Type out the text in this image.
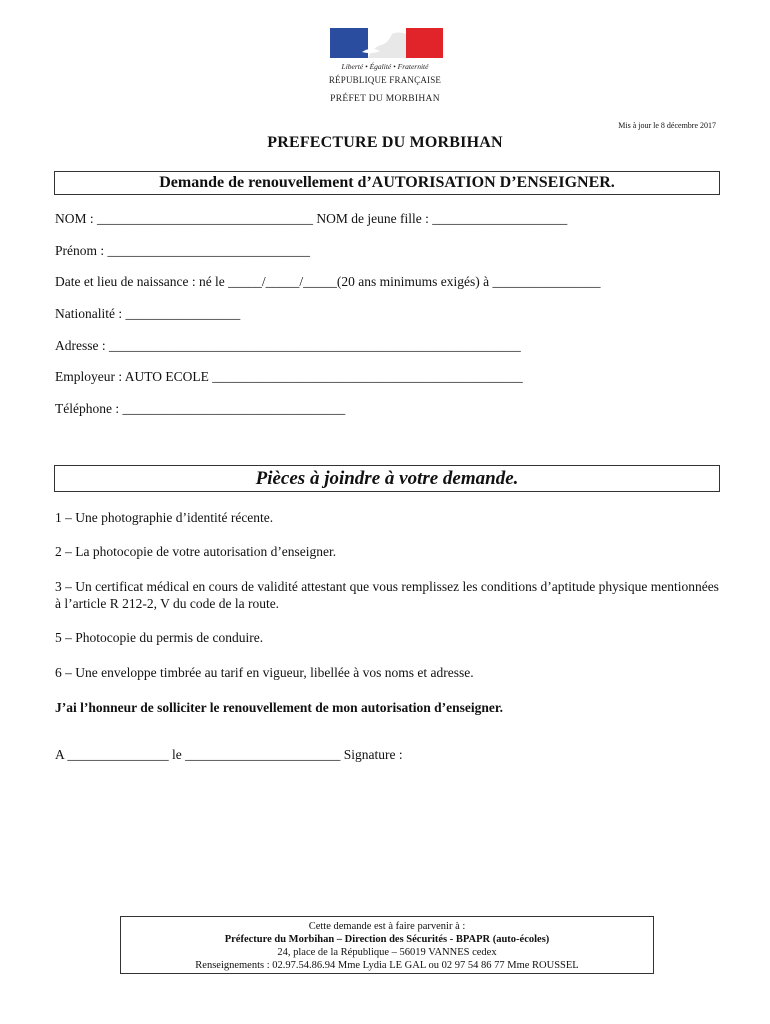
Liberté • Égalité • Fraternité
RÉPUBLIQUE FRANÇAISE
PRÉFET DU MORBIHAN
Mis à jour le 8 décembre 2017
PREFECTURE DU MORBIHAN
Demande de renouvellement d’AUTORISATION D’ENSEIGNER.
NOM : ________________________________ NOM de jeune fille : ____________________
Prénom : ______________________________
Date et lieu de naissance : né le _____/_____/_____(20 ans minimums exigés) à ________________
Nationalité : _________________
Adresse : _____________________________________________________________
Employeur : AUTO ECOLE ______________________________________________
Téléphone : _________________________________
Pièces à joindre à votre demande.
1 – Une photographie d’identité récente.
2 – La photocopie de votre autorisation d’enseigner.
3 – Un certificat médical en cours de validité attestant que vous remplissez les conditions d’aptitude physique mentionnées à l’article R 212-2, V du code de la route.
5 – Photocopie du permis de conduire.
6 – Une enveloppe timbrée au tarif en vigueur, libellée à vos noms et adresse.
J’ai l’honneur de solliciter le renouvellement de mon autorisation d’enseigner.
A _______________ le _______________________ Signature :
Cette demande est à faire parvenir à :
Préfecture du Morbihan – Direction des Sécurités - BPAPR (auto-écoles)
24, place de la République – 56019 VANNES cedex
Renseignements : 02.97.54.86.94 Mme Lydia LE GAL ou 02 97 54 86 77 Mme ROUSSEL
